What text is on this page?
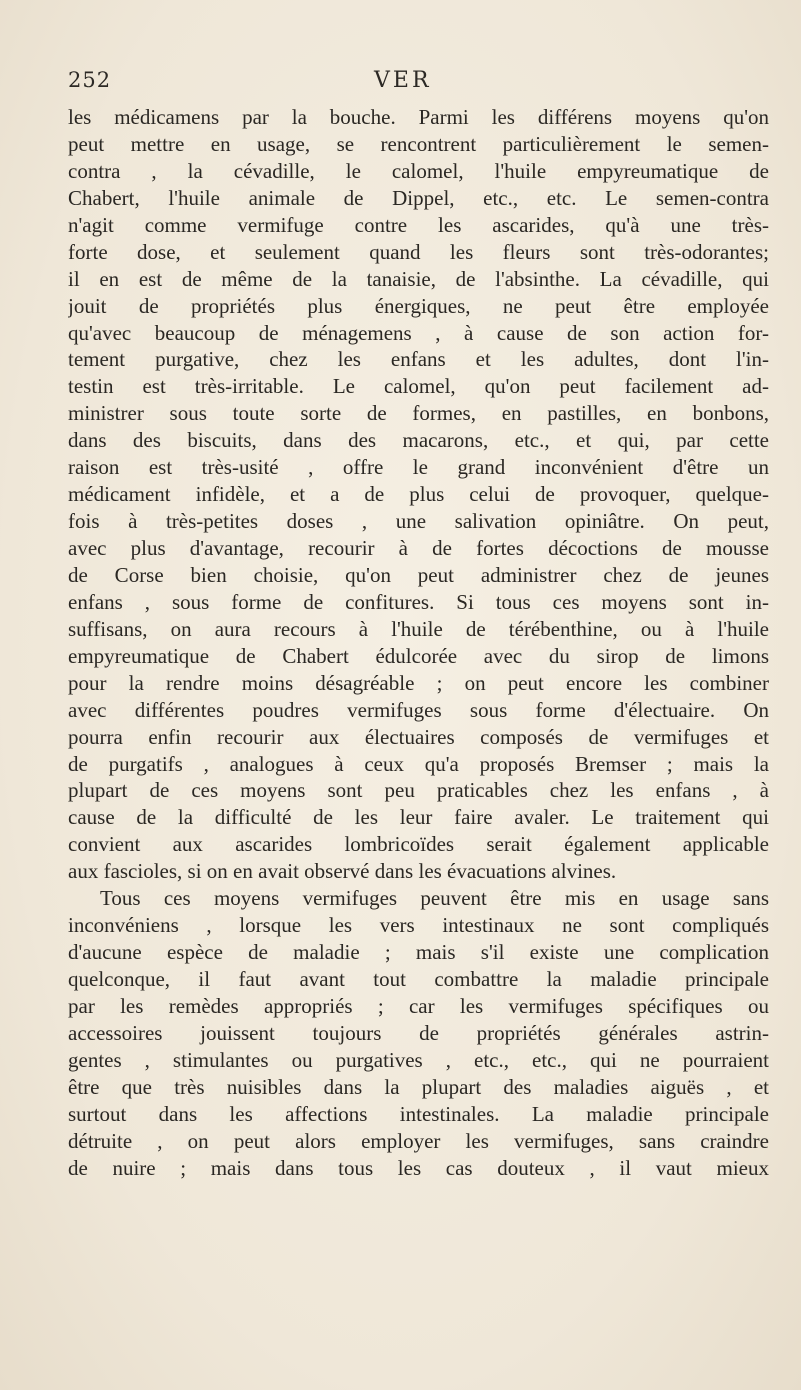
252	VER
les médicamens par la bouche. Parmi les différens moyens qu'on
peut mettre en usage, se rencontrent particulièrement le semen-
contra , la cévadille, le calomel, l'huile empyreumatique de
Chabert, l'huile animale de Dippel, etc., etc. Le semen-contra
n'agit comme vermifuge contre les ascarides, qu'à une très-
forte dose, et seulement quand les fleurs sont très-odorantes;
il en est de même de la tanaisie, de l'absinthe. La cévadille, qui
jouit de propriétés plus énergiques, ne peut être employée
qu'avec beaucoup de ménagemens , à cause de son action for-
tement purgative, chez les enfans et les adultes, dont l'in-
testin est très-irritable. Le calomel, qu'on peut facilement ad-
ministrer sous toute sorte de formes, en pastilles, en bonbons,
dans des biscuits, dans des macarons, etc., et qui, par cette
raison est très-usité , offre le grand inconvénient d'être un
médicament infidèle, et a de plus celui de provoquer, quelque-
fois à très-petites doses , une salivation opiniâtre. On peut,
avec plus d'avantage, recourir à de fortes décoctions de mousse
de Corse bien choisie, qu'on peut administrer chez de jeunes
enfans , sous forme de confitures. Si tous ces moyens sont in-
suffisans, on aura recours à l'huile de térébenthine, ou à l'huile
empyreumatique de Chabert édulcorée avec du sirop de limons
pour la rendre moins désagréable ; on peut encore les combiner
avec différentes poudres vermifuges sous forme d'électuaire. On
pourra enfin recourir aux électuaires composés de vermifuges et
de purgatifs , analogues à ceux qu'a proposés Bremser ; mais la
plupart de ces moyens sont peu praticables chez les enfans , à
cause de la difficulté de les leur faire avaler. Le traitement qui
convient aux ascarides lombricoïdes serait également applicable
aux fascioles, si on en avait observé dans les évacuations alvines.
Tous ces moyens vermifuges peuvent être mis en usage sans
inconvéniens , lorsque les vers intestinaux ne sont compliqués
d'aucune espèce de maladie ; mais s'il existe une complication
quelconque, il faut avant tout combattre la maladie principale
par les remèdes appropriés ; car les vermifuges spécifiques ou
accessoires jouissent toujours de propriétés générales astrin-
gentes , stimulantes ou purgatives , etc., etc., qui ne pourraient
être que très nuisibles dans la plupart des maladies aiguës , et
surtout dans les affections intestinales. La maladie principale
détruite , on peut alors employer les vermifuges, sans craindre
de nuire ; mais dans tous les cas douteux , il vaut mieux
